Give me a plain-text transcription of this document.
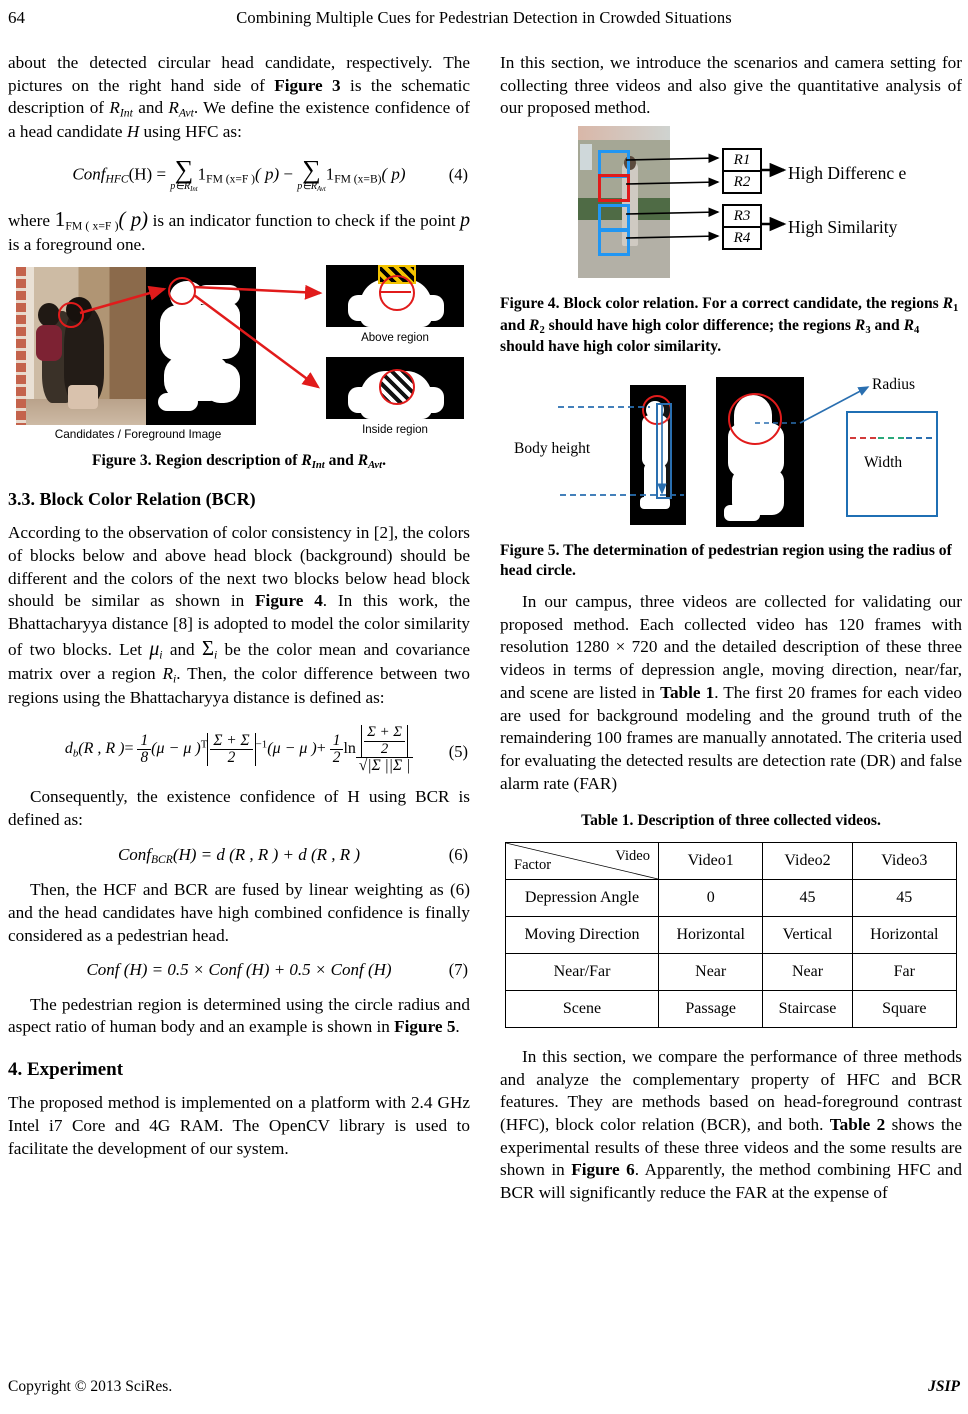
64	Combining Multiple Cues for Pedestrian Detection in Crowded Situations

about the detected circular head candidate, respectively. The pictures on the right hand side of Figure 3 is the schematic description of $R_{Int}$ and $R_{Avt}$. We define the existence confidence of a head candidate H using HFC as:

Conf$_{HFC}$(H) = ∑
$p\in R_{Int}$
$1_{FM (x=F )}$( p) − ∑
$p\in R_{Avt}$
$1_{FM (x=B)}$( p)	(4)

where $1_{FM ( x=F )}$( p) is an indicator function to check if the point p is a foreground one.

Above region
Inside region
Candidates / Foreground Image
Figure 3. Region description of $R_{Int}$ and $R_{Avt}$.
3.3. Block Color Relation (BCR)

According to the observation of color consistency in [2], the colors of blocks below and above head block (background) should be different and the colors of the next two blocks below head block should be similar as shown in Figure 4. In this work, the Bhattacharyya distance [8] is adopted to model the color similarity of two blocks. Let $\mu_i$ and $\Sigma_i$ be the color mean and covariance matrix over a region $R_i$. Then, the color difference between two regions using the Bhattacharyya distance is defined as:

$d_b(R$ , R )= $\frac{1}{8} (\mu - \mu$ )$^T \frac{\Sigma + \Sigma}{2} ^{-1}(\mu - \mu$ )+ $\frac{1}{2}$ $\ln \frac{\frac{\Sigma + \Sigma}{2}}{√|\Sigma ||\Sigma |} (5)$

Consequently, the existence confidence of H using BCR is defined as:

Conf$_{BCR}$(H) = d (R , R ) + d (R , R )	(6)

Then, the HCF and BCR are fused by linear weighting as (6) and the head candidates have high combined confidence is finally considered as a pedestrian head.

Conf (H) = 0.5 × Conf (H) + 0.5 × Conf (H)	(7)

The pedestrian region is determined using the circle radius and aspect ratio of human body and an example is shown in Figure 5.

4. Experiment

The proposed method is implemented on a platform with 2.4 GHz Intel i7 Core and 4G RAM. The OpenCV library is used to facilitate the development of our system.

In this section, we introduce the scenarios and camera setting for collecting three videos and also give the quantitative analysis of our proposed method.

R1
R2
R3
R4
High Differenc e
High Similarity
Figure 4. Block color relation. For a correct candidate, the regions $R_1$ and $R_2$ should have high color difference; the regions $R_3$ and $R_4$ should have high color similarity.
Body height
Radius
Width
Figure 5. The determination of pedestrian region using the radius of head circle.

In our campus, three videos are collected for validating our proposed method. Each collected video has 120 frames with resolution 1280 × 720 and the detailed description of these three videos in terms of depression angle, moving direction, near/far, and scene are listed in Table 1. The first 20 frames for each video are used for background modeling and the ground truth of the remaindering 100 frames are manually annotated. The criteria used for evaluating the detected results are detection rate (DR) and false alarm rate (FAR)

Table 1. Description of three collected videos.
Video
Factor	Video1	Video2	Video3
Depression Angle	0	45	45
Moving Direction	Horizontal	Vertical	Horizontal
Near/Far	Near	Near	Far
Scene	Passage	Staircase	Square

In this section, we compare the performance of three methods and analyze the complementary property of HFC and BCR features. They are methods based on head-foreground contrast (HFC), block color relation (BCR), and both. Table 2 shows the experimental results of these three videos and the some results are shown in Figure 6. Apparently, the method combining HFC and BCR will significantly reduce the FAR at the expense of

Copyright © 2013 SciRes.	JSIP
